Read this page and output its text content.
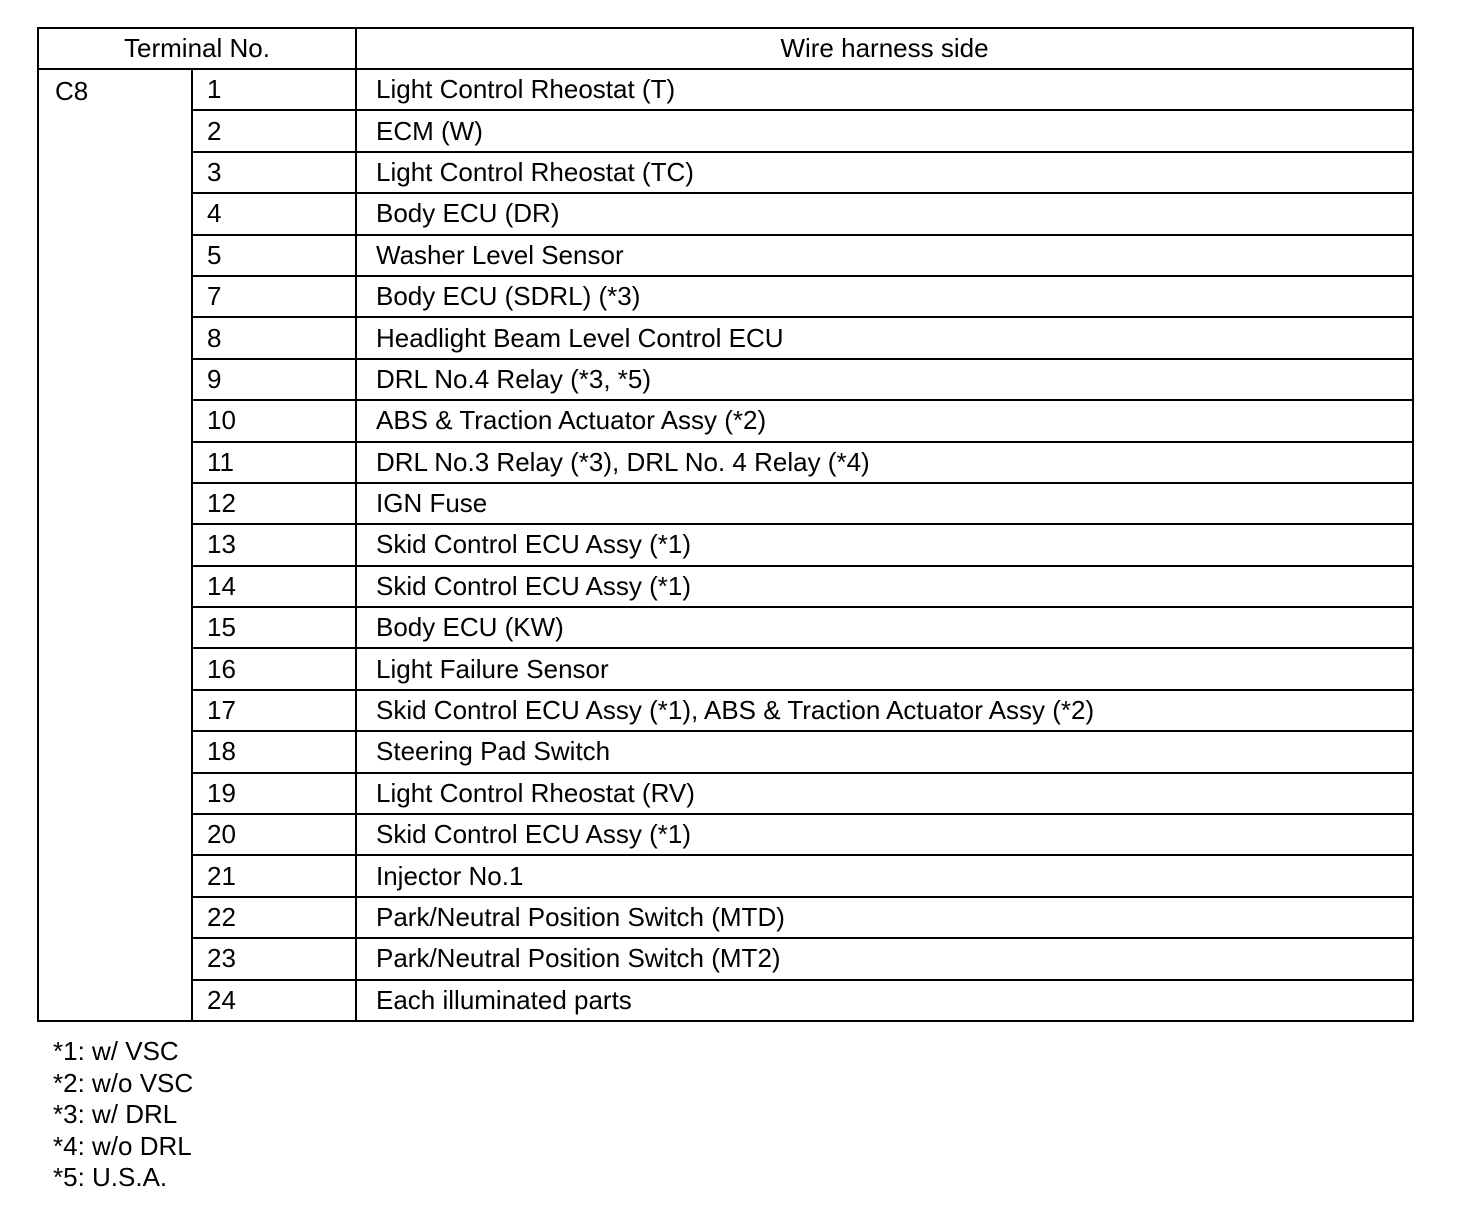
Terminal No.		Wire harness side
C8	1	Light Control Rheostat (T)
	2	ECM (W)
	3	Light Control Rheostat (TC)
	4	Body ECU (DR)
	5	Washer Level Sensor
	7	Body ECU (SDRL) (*3)
	8	Headlight Beam Level Control ECU
	9	DRL No.4 Relay (*3, *5)
	10	ABS & Traction Actuator Assy (*2)
	11	DRL No.3 Relay (*3), DRL No. 4 Relay (*4)
	12	IGN Fuse
	13	Skid Control ECU Assy (*1)
	14	Skid Control ECU Assy (*1)
	15	Body ECU (KW)
	16	Light Failure Sensor
	17	Skid Control ECU Assy (*1), ABS & Traction Actuator Assy (*2)
	18	Steering Pad Switch
	19	Light Control Rheostat (RV)
	20	Skid Control ECU Assy (*1)
	21	Injector No.1
	22	Park/Neutral Position Switch (MTD)
	23	Park/Neutral Position Switch (MT2)
	24	Each illuminated parts
*1: w/ VSC
*2: w/o VSC
*3: w/ DRL
*4: w/o DRL
*5: U.S.A.
